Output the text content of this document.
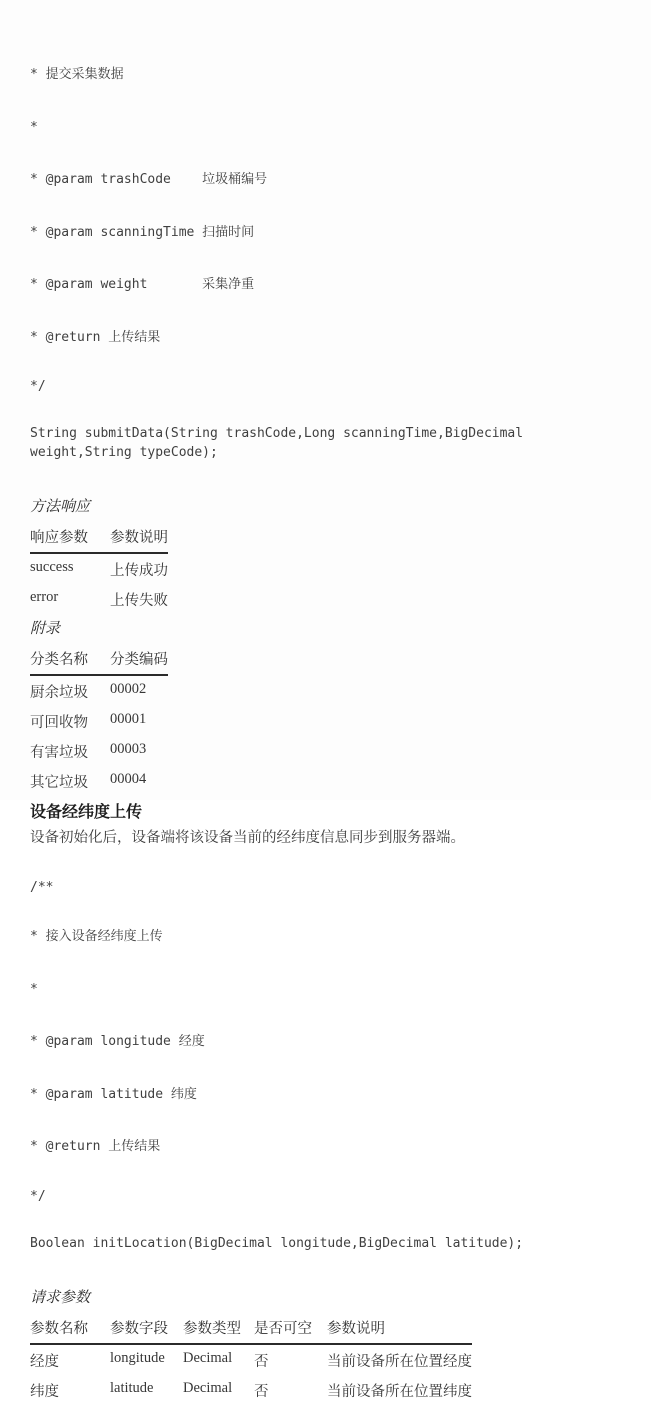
* 提交采集数据

*

* @param trashCode    垃圾桶编号

* @param scanningTime 扫描时间

* @param weight       采集净重

* @return 上传结果

*/

String submitData(String trashCode,Long scanningTime,BigDecimal weight,String typeCode);

方法响应
响应参数	参数说明
success	上传成功
error	上传失败
附录
分类名称	分类编码
厨余垃圾	00002
可回收物	00001
有害垃圾	00003
其它垃圾	00004
设备经纬度上传
设备初始化后，设备端将该设备当前的经纬度信息同步到服务器端。

/**

* 接入设备经纬度上传

*

* @param longitude 经度

* @param latitude 纬度

* @return 上传结果

*/

Boolean initLocation(BigDecimal longitude,BigDecimal latitude);

请求参数
参数名称	参数字段	参数类型	是否可空	参数说明
经度	longitude	Decimal	否	当前设备所在位置经度
纬度	latitude	Decimal	否	当前设备所在位置纬度
